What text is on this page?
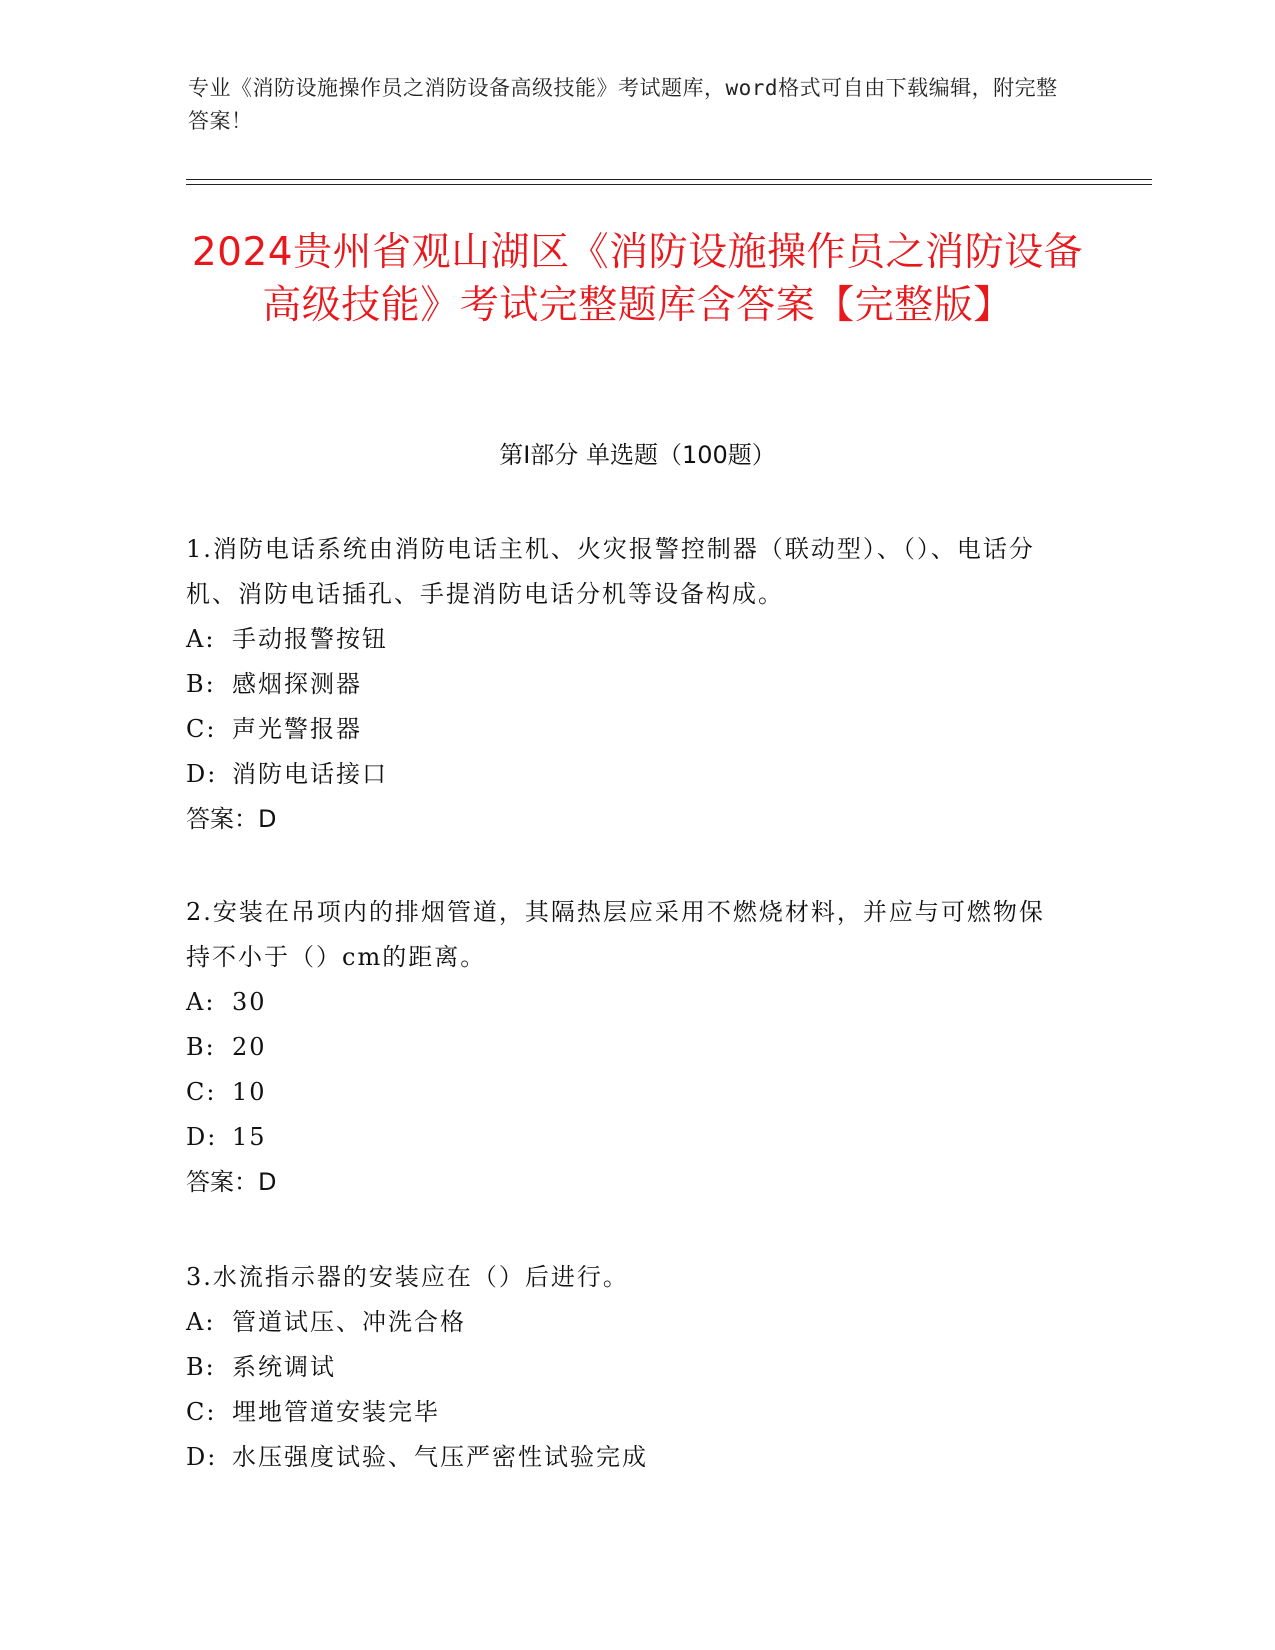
专业《消防设施操作员之消防设备高级技能》考试题库，word格式可自由下载编辑，附完整答案！
2024贵州省观山湖区《消防设施操作员之消防设备高级技能》考试完整题库含答案【完整版】
第I部分 单选题（100题）

1.消防电话系统由消防电话主机、火灾报警控制器（联动型）、（）、电话分机、消防电话插孔、手提消防电话分机等设备构成。

A: 手动报警按钮

B: 感烟探测器

C: 声光警报器

D: 消防电话接口

答案：D

2.安装在吊项内的排烟管道，其隔热层应采用不燃烧材料，并应与可燃物保持不小于（）cm的距离。

A: 30

B: 20

C: 10

D: 15

答案：D

3.水流指示器的安装应在（）后进行。

A: 管道试压、冲洗合格

B: 系统调试

C: 埋地管道安装完毕

D: 水压强度试验、气压严密性试验完成
